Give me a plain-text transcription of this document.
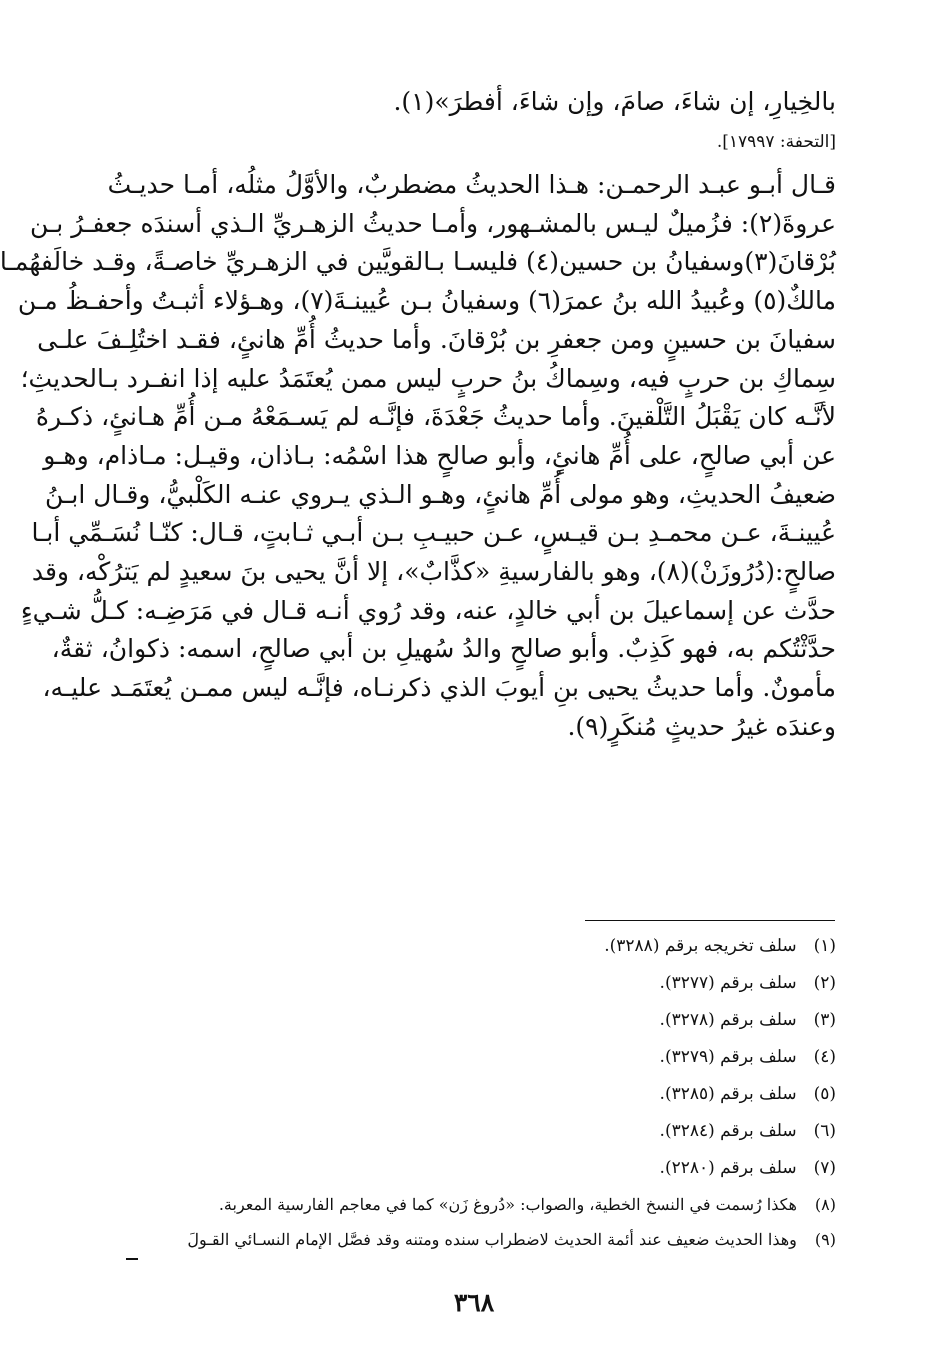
بالخِيارِ، إن شاءَ، صامَ، وإن شاءَ، أفطرَ»(١).
[التحفة: ١٧٩٩٧].
قـال أبـو عبـد الرحمـن: هـذا الحديثُ مضطربٌ، والأوَّلُ مثلُه، أمـا حديـثُ
عروةَ(٢): فزُميلٌ ليـس بالمشـهور، وأمـا حديثُ الزهـريِّ الـذي أسندَه جعفـرُ بـن
بُرْقانَ(٣)وسفيانُ بن حسين(٤) فليسـا بـالقويَّين في الزهـريِّ خاصـةً، وقـد خالَفهُمـا
مالكٌ(٥) وعُبيدُ الله بنُ عمرَ(٦) وسفيانُ بـن عُيينـةَ(٧)، وهـؤلاء أثبـتُ وأحفـظُ مـن
سفيانَ بن حسينٍ ومن جعفرِ بن بُرْقانَ. وأما حديثُ أُمِّ هانئٍ، فقـد اختُلِـفَ علـى
سِماكِ بن حربٍ فيه، وسِماكُ بنُ حربٍ ليس ممن يُعتَمَدُ عليه إذا انفـرد بـالحديثِ؛
لأنَّـه كان يَقْبَلُ التَّلْقينَ. وأما حديثُ جَعْدَةَ، فإنَّـه لم يَسـمَعْهُ مـن أُمِّ هـانئٍ، ذكـرهُ
عن أبي صالحٍ، على أُمِّ هانئٍ، وأبو صالحٍ هذا اسْمُه: بـاذان، وقيـل: مـاذام، وهـو
ضعيفُ الحديثِ، وهو مولى أُمِّ هانئٍ، وهـو الـذي يـروي عنـه الكَلْبيُّ، وقـال ابـنُ
عُيينـةَ، عـن محمـدِ بـن قيـسٍ، عـن حبيـبِ بـن أبـي ثـابتٍ، قـال: كنّـا نُسَـمِّي أبـا
صالحٍ:(دُرُوزَنْ)(٨)، وهو بالفارسيةِ «كذَّابٌ»، إلا أنَّ يحيى بنَ سعيدٍ لم يَترُكْه، وقد
حدَّث عن إسماعيلَ بن أبي خالدٍ، عنه، وقد رُوي أنـه قـال في مَرَضِـه: كـلُّ شـيءٍ
حدَّثْتُكم به، فهو كَذِبٌ. وأبو صالحٍ والدُ سُهيلِ بن أبي صالحٍ، اسمه: ذكوانُ، ثقةٌ،
مأمونٌ. وأما حديثُ يحيى بنِ أيوبَ الذي ذكرنـاه، فإنَّـه ليس ممـن يُعتَمَـد عليـه،
وعندَه غيرُ حديثٍ مُنكَرٍ(٩).
(١) سلف تخريجه برقم (٣٢٨٨).
(٢) سلف برقم (٣٢٧٧).
(٣) سلف برقم (٣٢٧٨).
(٤) سلف برقم (٣٢٧٩).
(٥) سلف برقم (٣٢٨٥).
(٦) سلف برقم (٣٢٨٤).
(٧) سلف برقم (٢٢٨٠).
(٨) هكذا رُسمت في النسخ الخطية، والصواب: «دُروغ زَن» كما في معاجم الفارسية المعربة.
(٩) وهذا الحديث ضعيف عند أئمة الحديث لاضطراب سنده ومتنه وقد فصَّل الإمام النسـائي القـولَ
٣٦٨
